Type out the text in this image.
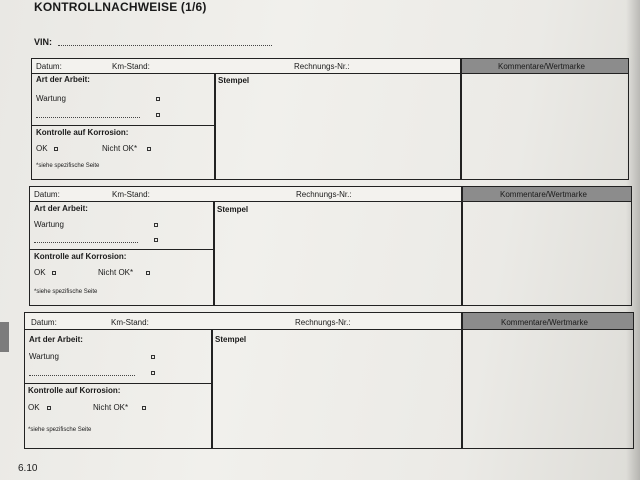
KONTROLLNACHWEISE (1/6)
VIN:
Datum:	Km-Stand:	Rechnungs-Nr.:	Kommentare/Wertmarke
Art der Arbeit:
Wartung
Kontrolle auf Korrosion:
OK	Nicht OK*
*siehe spezifische Seite
Stempel
Datum:	Km-Stand:	Rechnungs-Nr.:	Kommentare/Wertmarke
Art der Arbeit:
Wartung
Kontrolle auf Korrosion:
OK	Nicht OK*
*siehe spezifische Seite
Stempel
Datum:	Km-Stand:	Rechnungs-Nr.:	Kommentare/Wertmarke
Art der Arbeit:
Wartung
Kontrolle auf Korrosion:
OK	Nicht OK*
*siehe spezifische Seite
Stempel
6.10
